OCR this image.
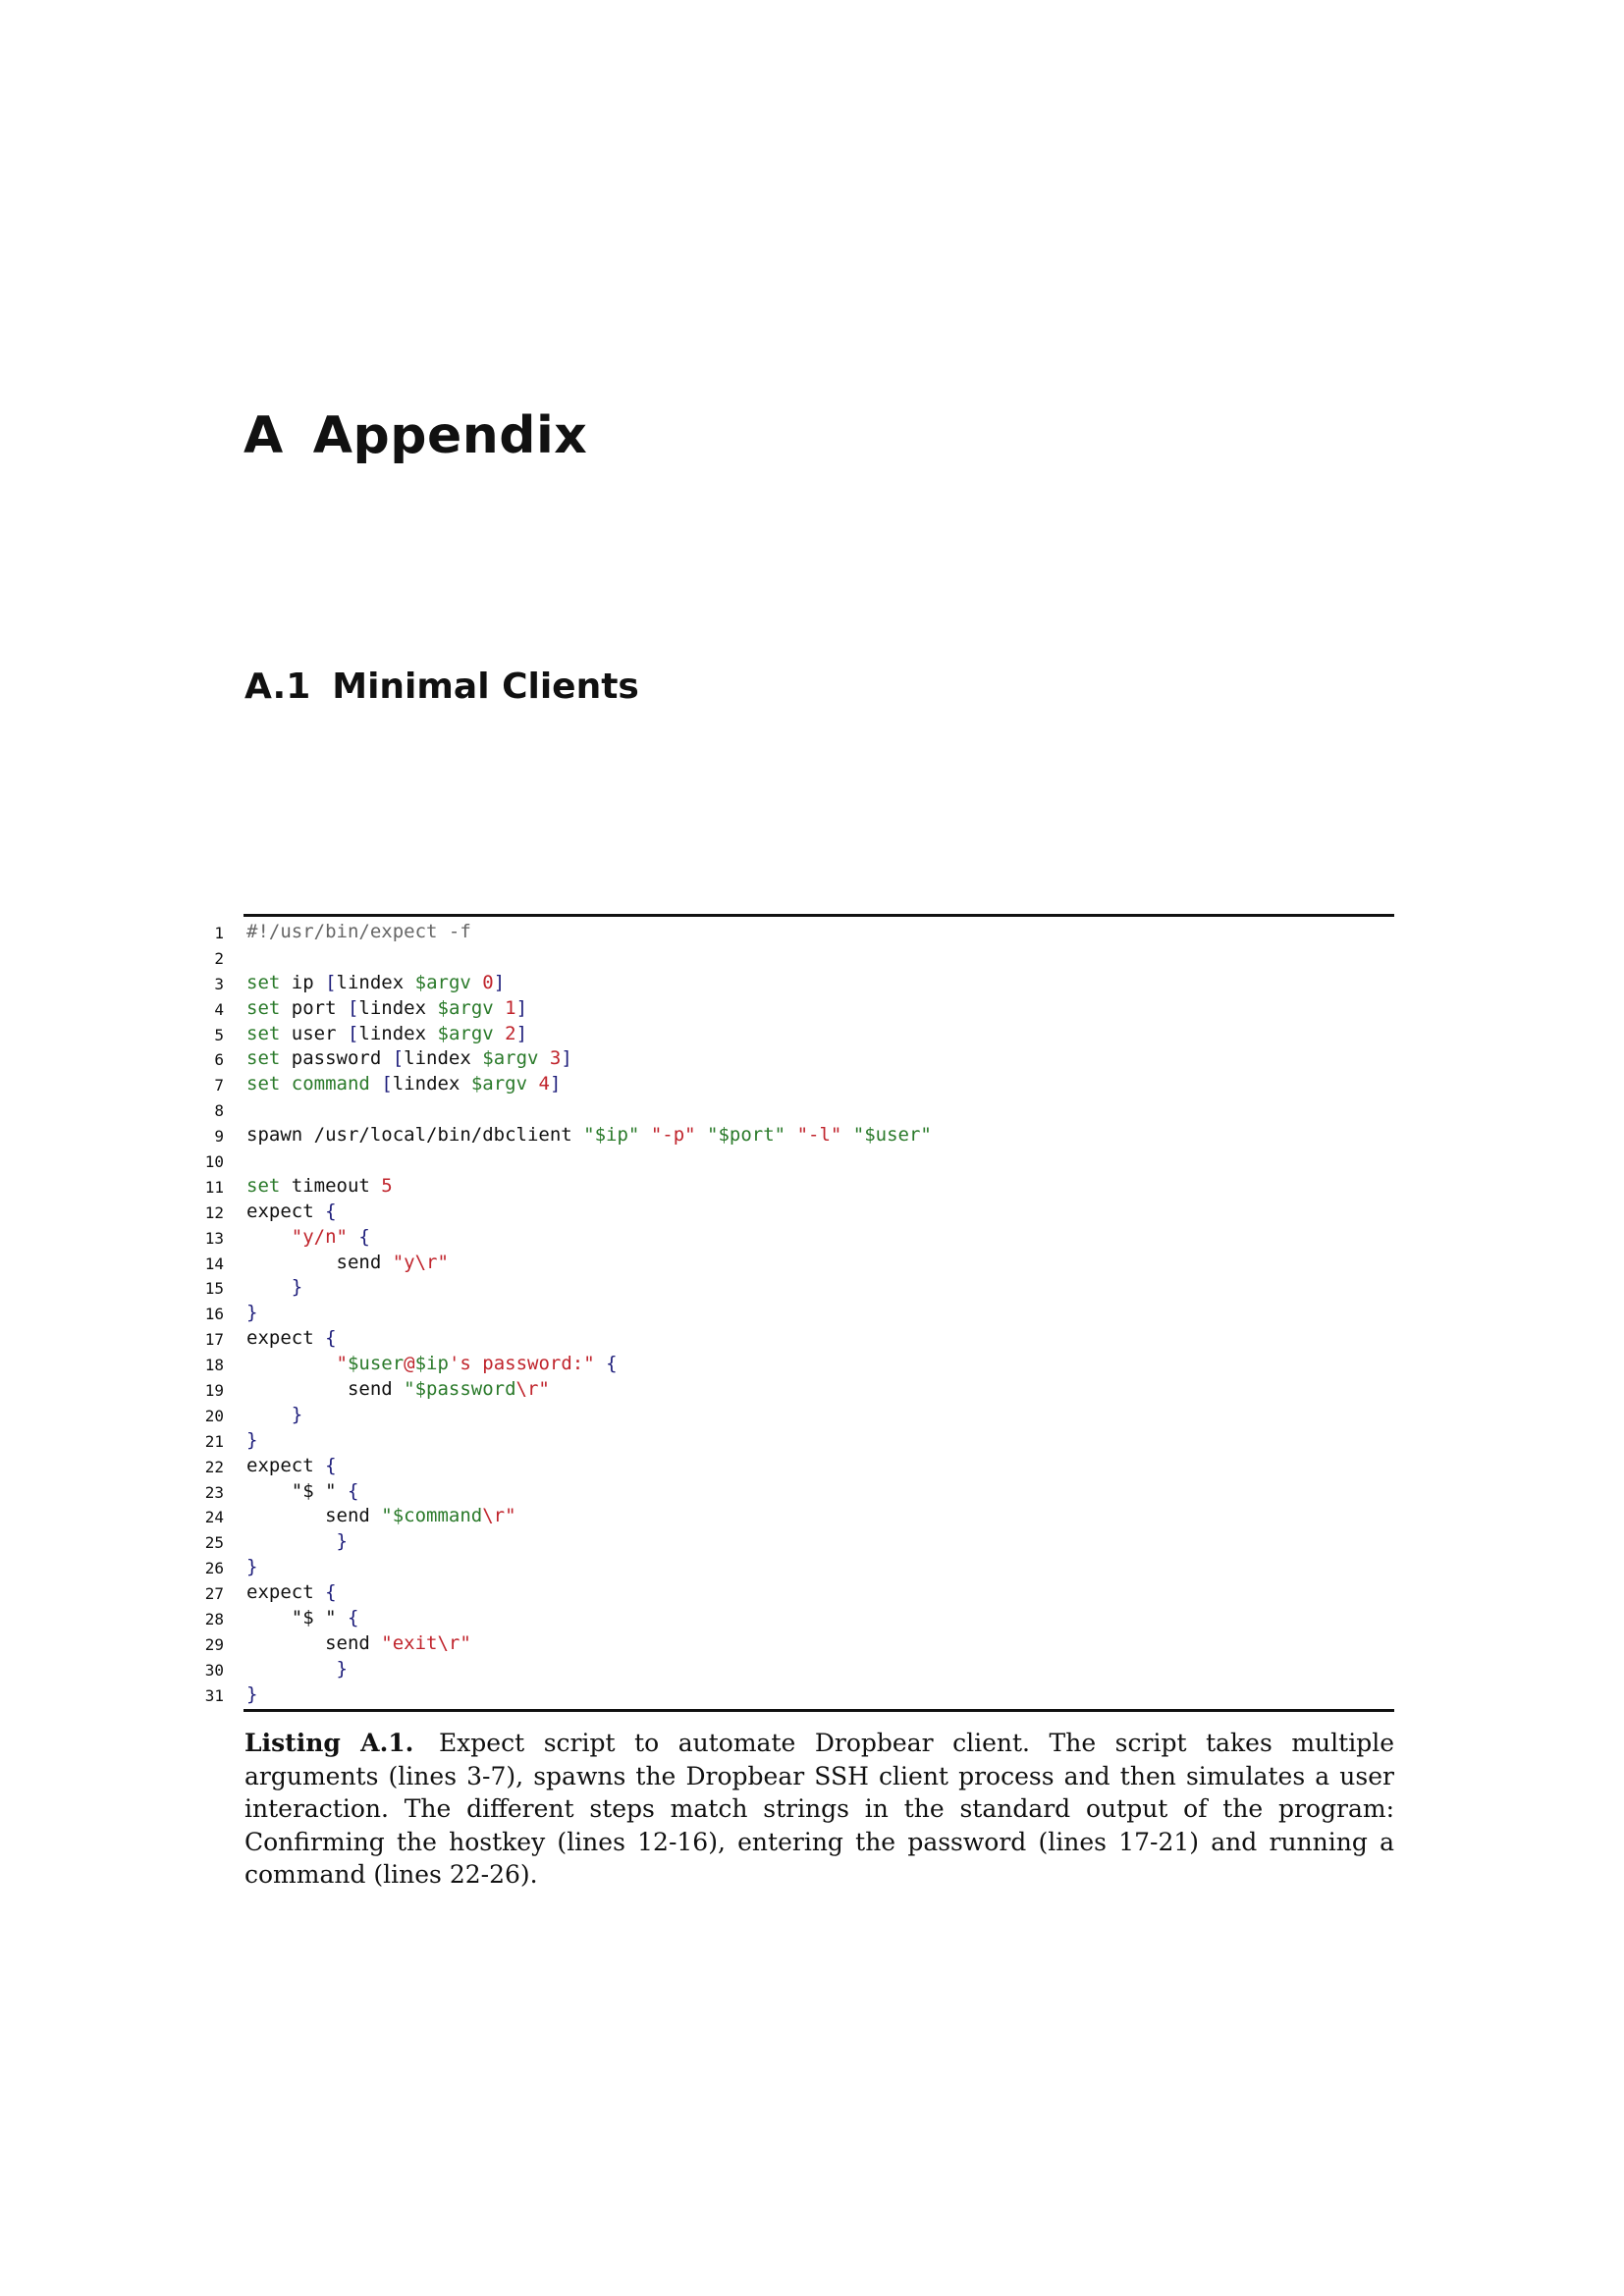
A Appendix
A.1 Minimal Clients
1 #!/usr/bin/expect -f
2
3 set ip [lindex $argv 0]
4 set port [lindex $argv 1]
5 set user [lindex $argv 2]
6 set password [lindex $argv 3]
7 set command [lindex $argv 4]
8
9 spawn /usr/local/bin/dbclient "$ip" "-p" "$port" "-l" "$user"
10
11 set timeout 5
12 expect {
13	"y/n" {
14 send "y\r"
15	}
16 }
17 expect {
18 "$user@$ip's password:" {
19 send "$password\r"
20	}
21 }
22 expect {
23 "$ " {
24 send "$command\r"
25	}
26 }
27 expect {
28 "$ " {
29 send "exit\r"
30	}
31 }

Listing A.1. Expect script to automate Dropbear client. The script takes multiple arguments (lines 3-7), spawns the Dropbear SSH client process and then simulates a user interaction. The different steps match strings in the standard output of the program: Confirming the hostkey (lines 12-16), entering the password (lines 17-21) and running a command (lines 22-26).
